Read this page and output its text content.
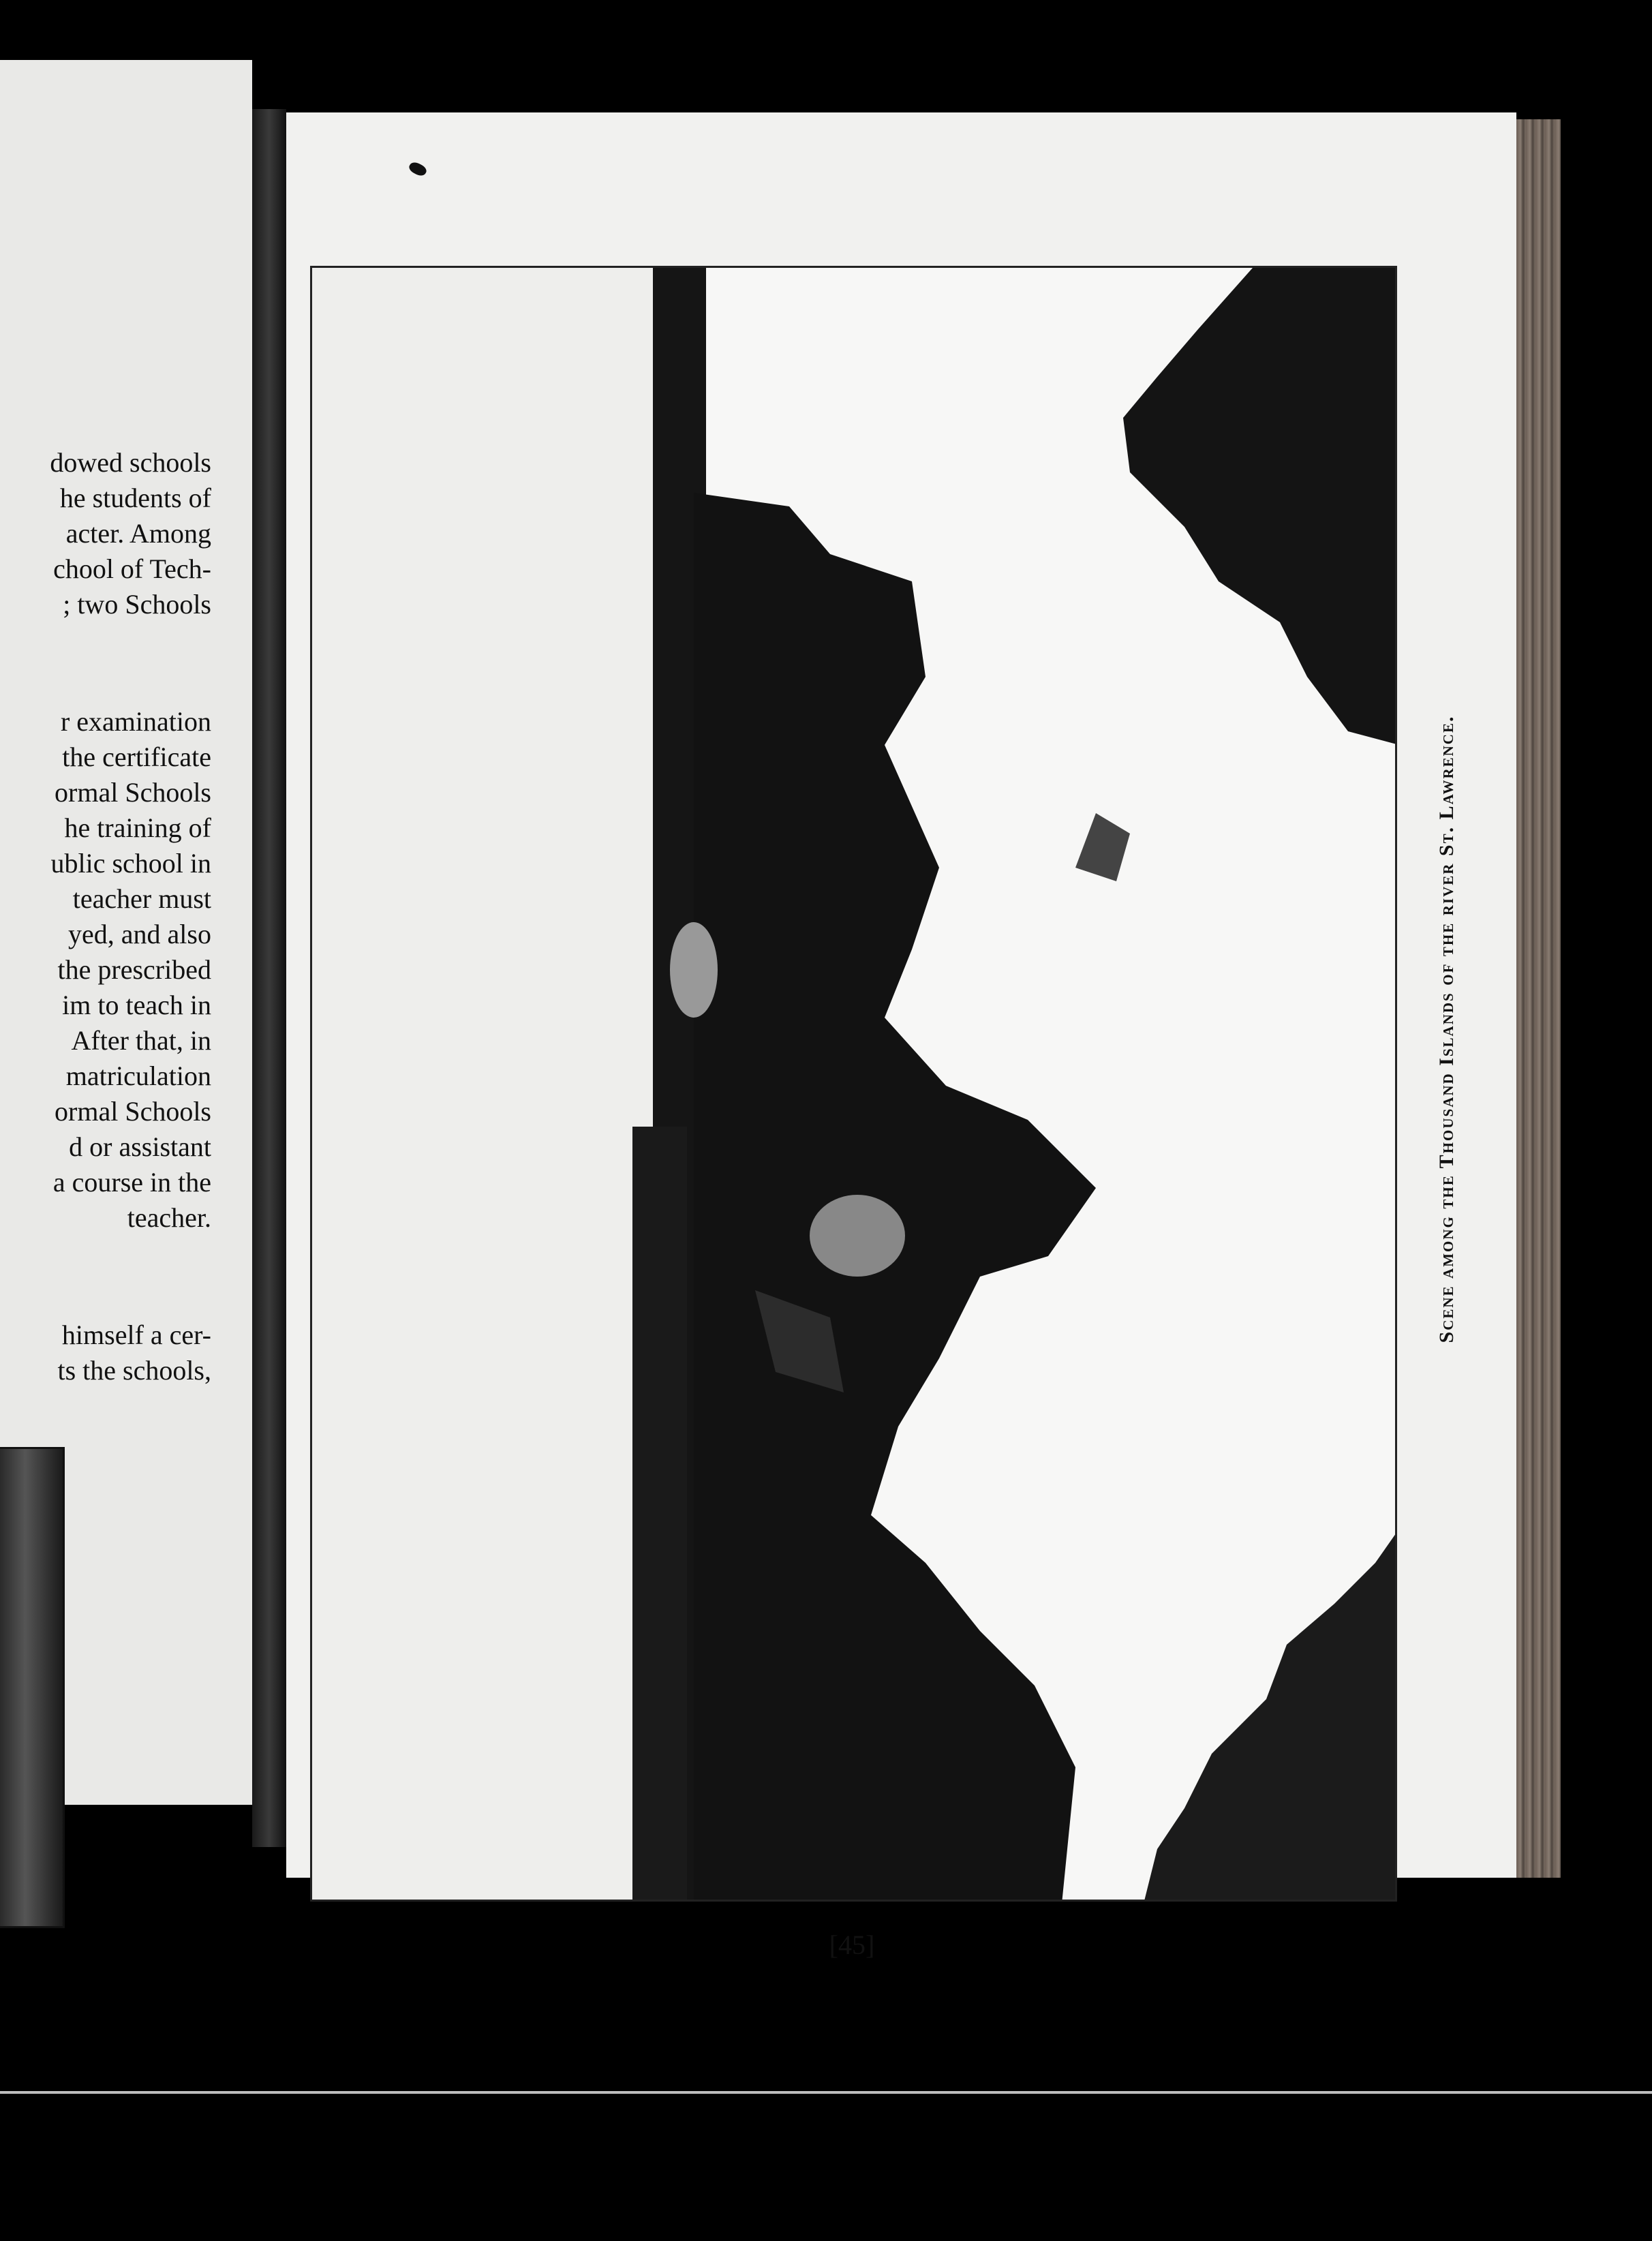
dowed schools
he students of
acter. Among
chool of Tech-
; two Schools
r examination
the certificate
ormal Schools
he training of
ublic school in
teacher must
yed, and also
the prescribed
im to teach in
After that, in
matriculation
ormal Schools
d or assistant
a course in the
teacher.
himself a cer-
ts the schools,
Scene among the Thousand Islands of the river St. Lawrence.
[45]
